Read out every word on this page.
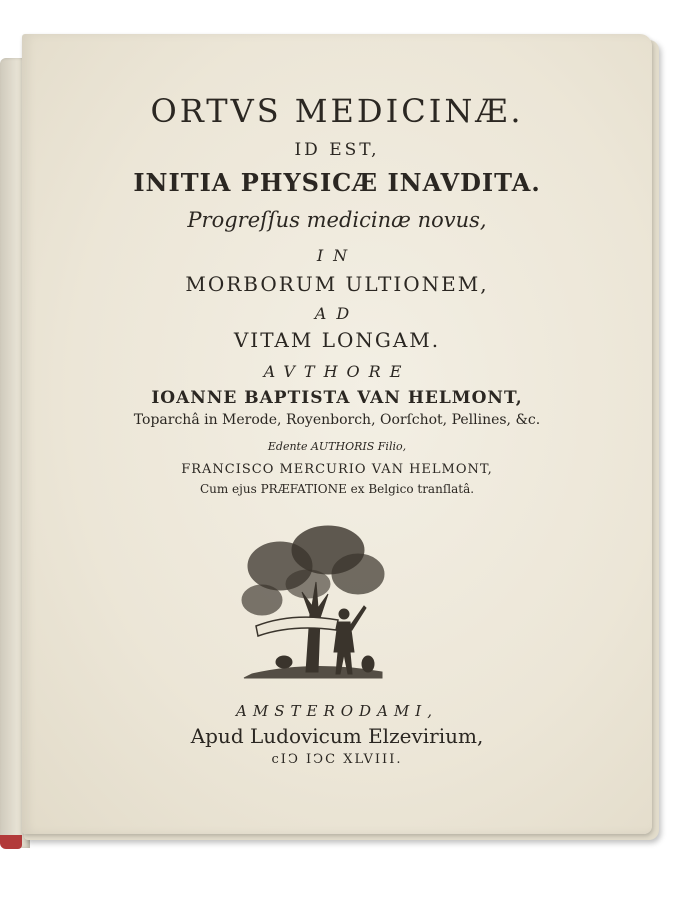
ORTVS MEDICINÆ.
ID EST,
INITIA PHYSICÆ INAVDITA.
Progreſſus medicinæ novus,
IN
MORBORUM ULTIONEM,
AD
VITAM LONGAM.
AVTHORE
IOANNE BAPTISTA VAN HELMONT,
Toparchâ in Merode, Royenborch, Oorſchot, Pellines, &c.
Edente AUTHORIS Filio,
FRANCISCO MERCURIO VAN HELMONT,
Cum ejus PRÆFATIONE ex Belgico tranſlatâ.
AMSTERODAMI,
Apud Ludovicum Elzevirium,
cIↃ IↃC XLVIII.
